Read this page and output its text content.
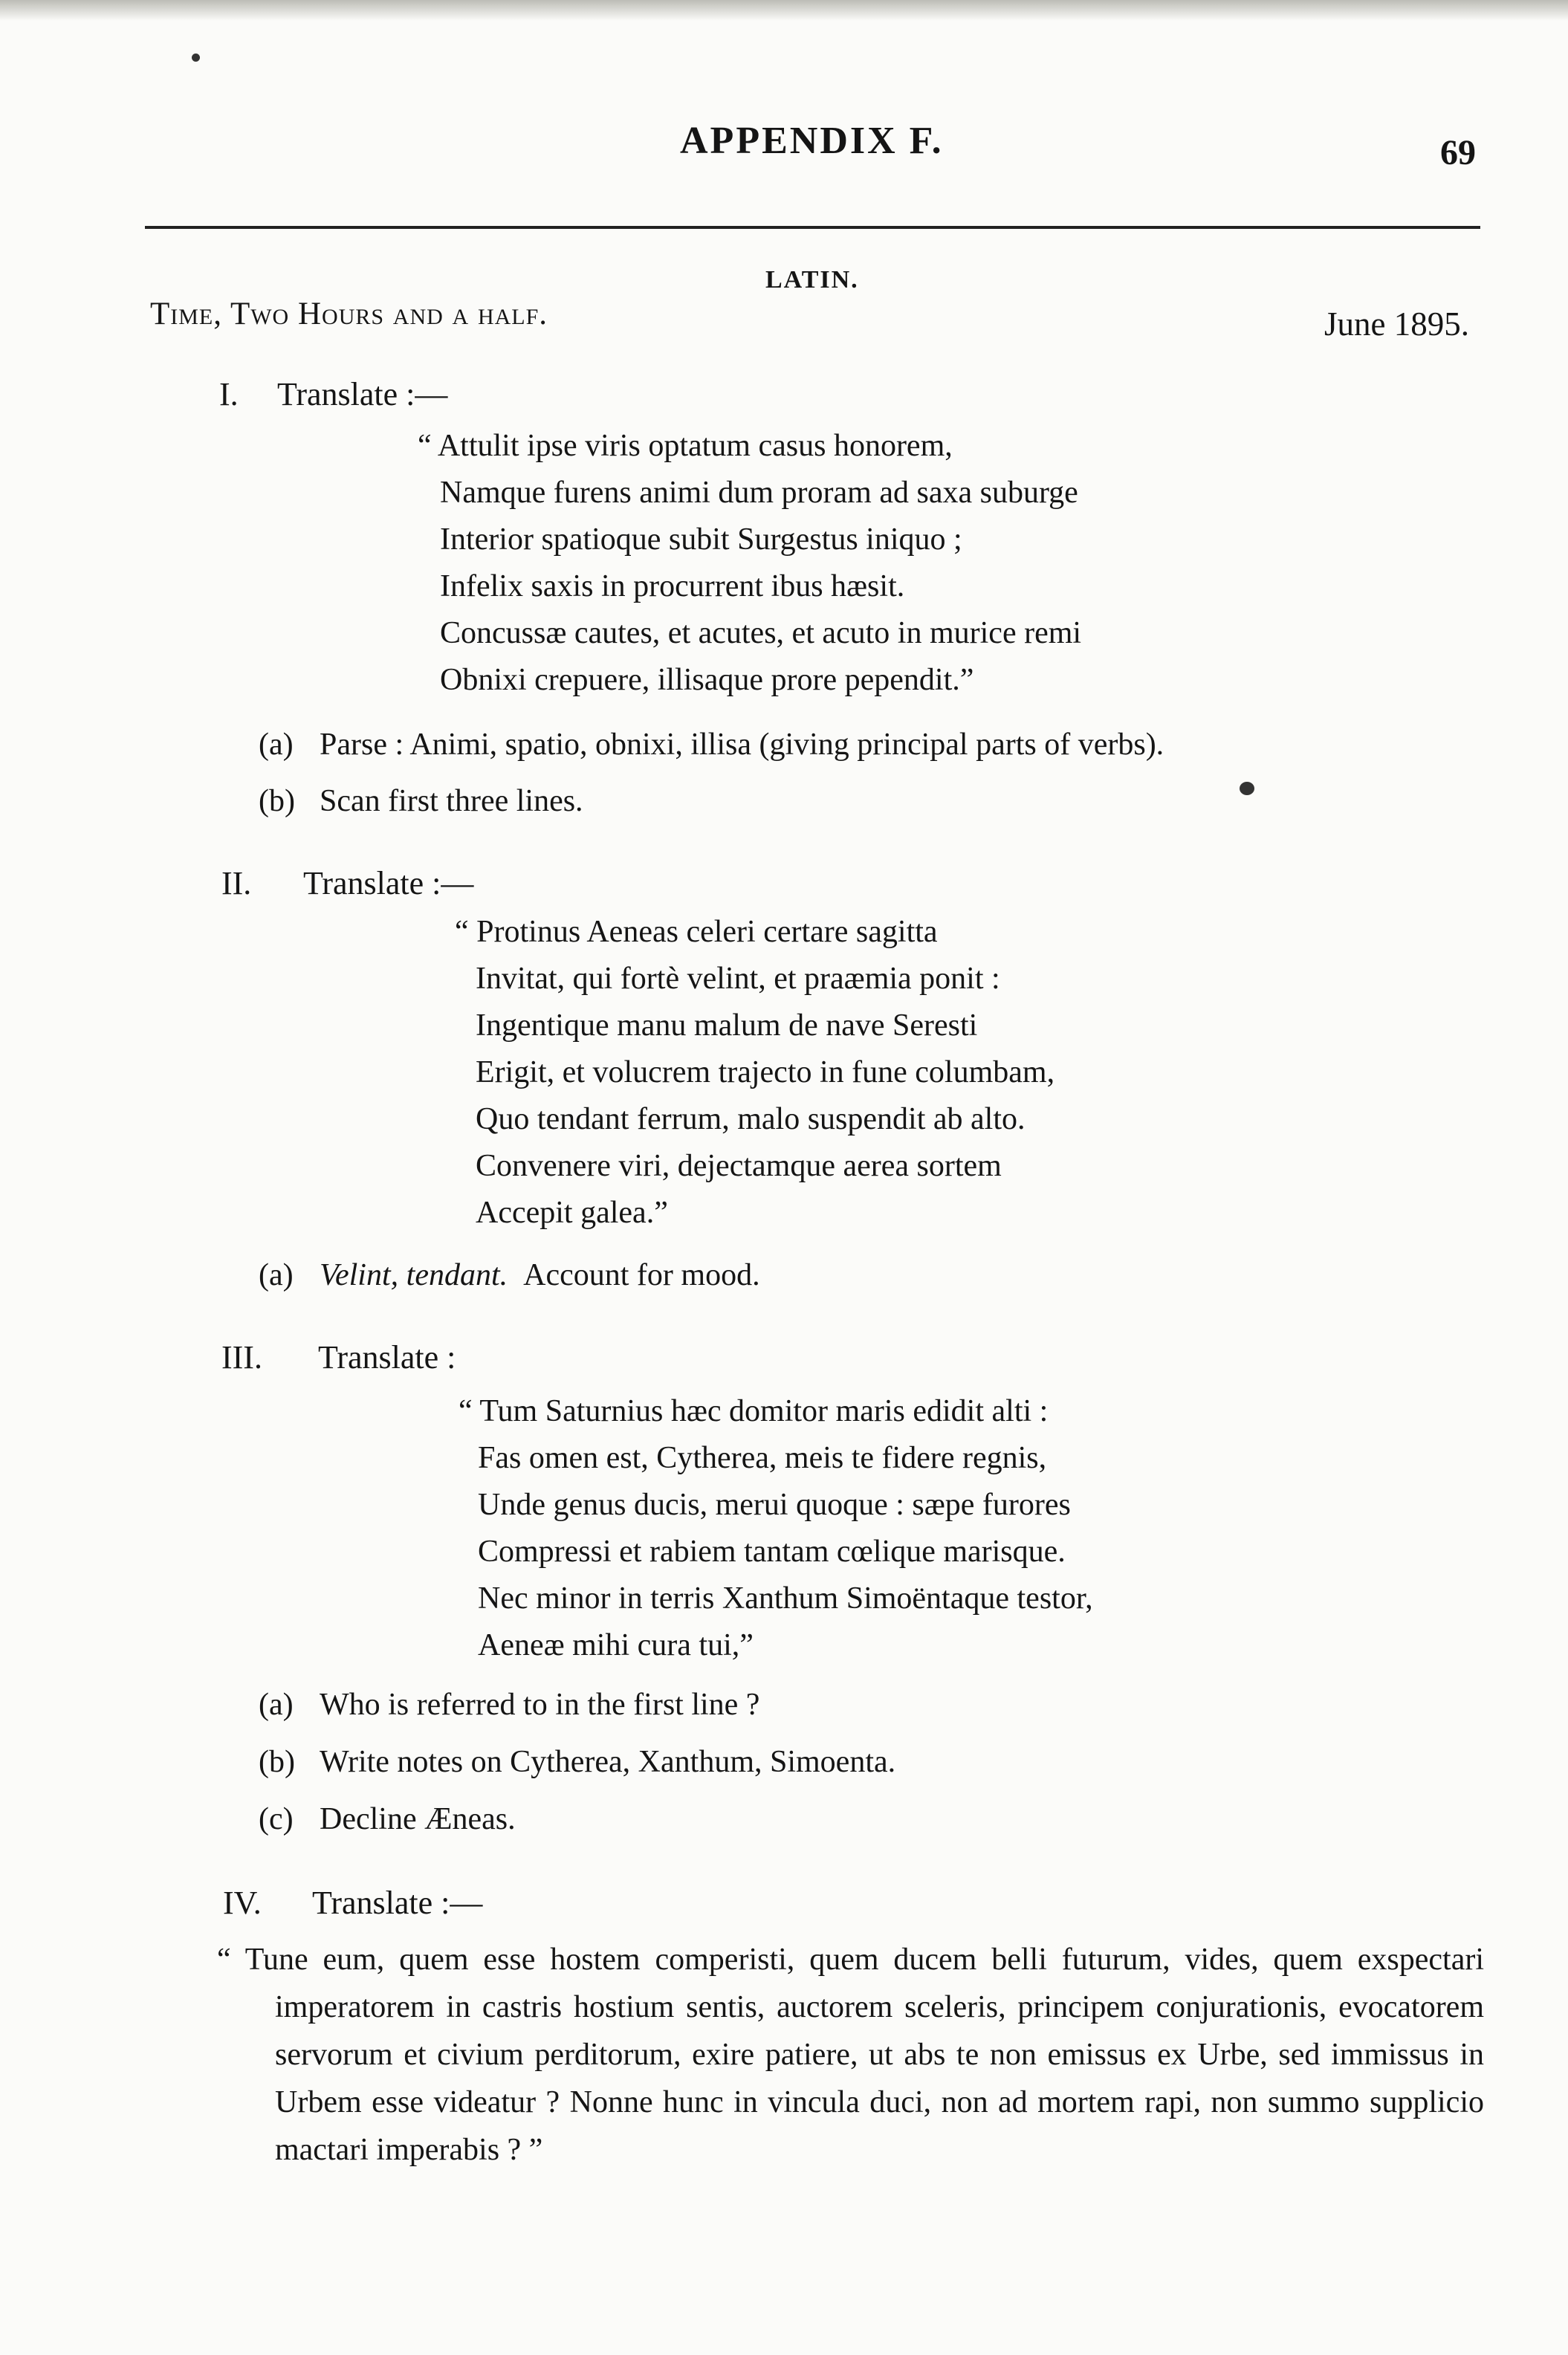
APPENDIX F.	69
LATIN.
Time, Two Hours and a half.	June 1895.
I. Translate :—
“ Attulit ipse viris optatum casus honorem,
Namque furens animi dum proram ad saxa suburge
Interior spatioque subit Surgestus iniquo ;
Infelix saxis in procurrent ibus hæsit.
Concussæ cautes, et acutes, et acuto in murice remi
Obnixi crepuere, illisaque prore pependit.”
(a) Parse : Animi, spatio, obnixi, illisa (giving principal parts of verbs).
(b) Scan first three lines.
II. Translate :—
“ Protinus Aeneas celeri certare sagitta
Invitat, qui fortè velint, et praæmia ponit :
Ingentique manu malum de nave Seresti
Erigit, et volucrem trajecto in fune columbam,
Quo tendant ferrum, malo suspendit ab alto.
Convenere viri, dejectamque aerea sortem
Accepit galea.”
(a) Velint, tendant. Account for mood.
III. Translate :
“ Tum Saturnius hæc domitor maris edidit alti :
Fas omen est, Cytherea, meis te fidere regnis,
Unde genus ducis, merui quoque : sæpe furores
Compressi et rabiem tantam cœlique marisque.
Nec minor in terris Xanthum Simoëntaque testor,
Aeneæ mihi cura tui,”
(a) Who is referred to in the first line ?
(b) Write notes on Cytherea, Xanthum, Simoenta.
(c) Decline Æneas.
IV. Translate :—
“ Tune eum, quem esse hostem comperisti, quem ducem belli futurum, vides, quem exspectari imperatorem in castris hostium sentis, auctorem sceleris, principem conjurationis, evocatorem servorum et civium perditorum, exire patiere, ut abs te non emissus ex Urbe, sed immissus in Urbem esse videatur ? Nonne hunc in vincula duci, non ad mortem rapi, non summo supplicio mactari imperabis ? ”
